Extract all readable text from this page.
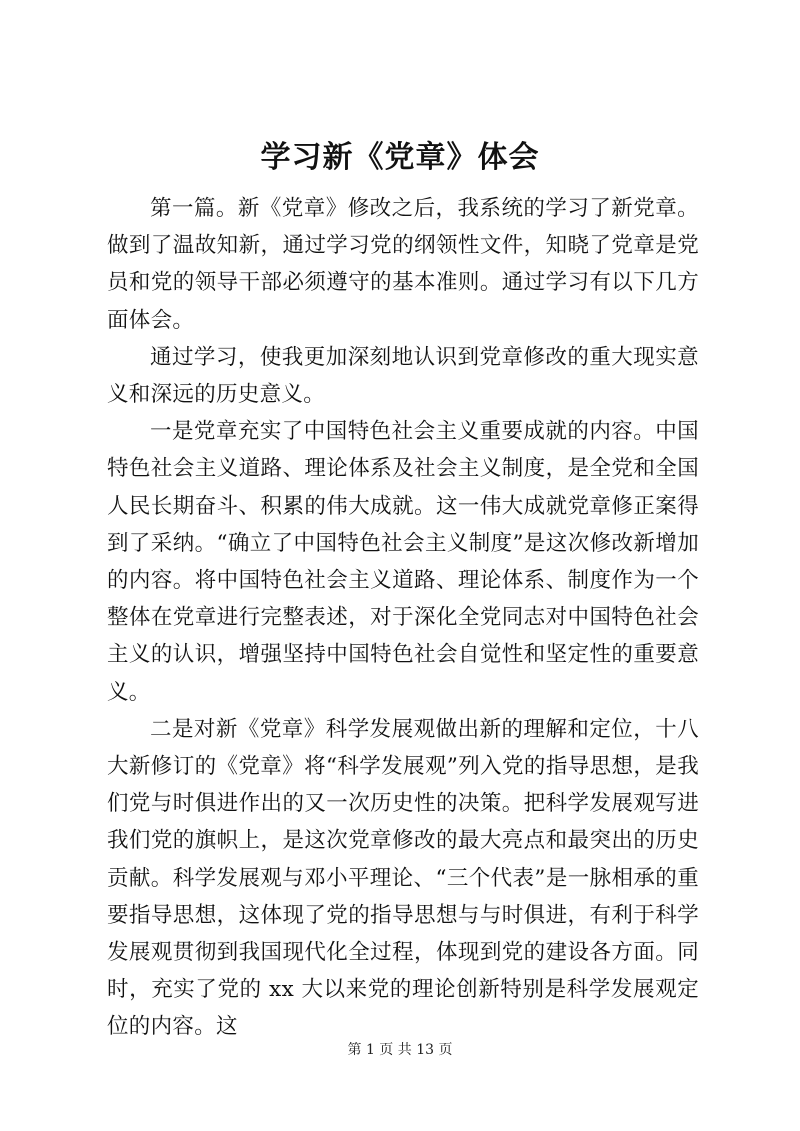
学习新《党章》体会

第一篇。新《党章》修改之后，我系统的学习了新党章。做到了温故知新，通过学习党的纲领性文件，知晓了党章是党员和党的领导干部必须遵守的基本准则。通过学习有以下几方面体会。

通过学习，使我更加深刻地认识到党章修改的重大现实意义和深远的历史意义。

一是党章充实了中国特色社会主义重要成就的内容。中国特色社会主义道路、理论体系及社会主义制度，是全党和全国人民长期奋斗、积累的伟大成就。这一伟大成就党章修正案得到了采纳。“确立了中国特色社会主义制度”是这次修改新增加的内容。将中国特色社会主义道路、理论体系、制度作为一个整体在党章进行完整表述，对于深化全党同志对中国特色社会主义的认识，增强坚持中国特色社会自觉性和坚定性的重要意义。

二是对新《党章》科学发展观做出新的理解和定位，十八大新修订的《党章》将“科学发展观”列入党的指导思想，是我们党与时俱进作出的又一次历史性的决策。把科学发展观写进我们党的旗帜上，是这次党章修改的最大亮点和最突出的历史贡献。科学发展观与邓小平理论、“三个代表”是一脉相承的重要指导思想，这体现了党的指导思想与与时俱进，有利于科学发展观贯彻到我国现代化全过程，体现到党的建设各方面。同时，充实了党的 xx 大以来党的理论创新特别是科学发展观定位的内容。这

第 1 页 共 13 页
